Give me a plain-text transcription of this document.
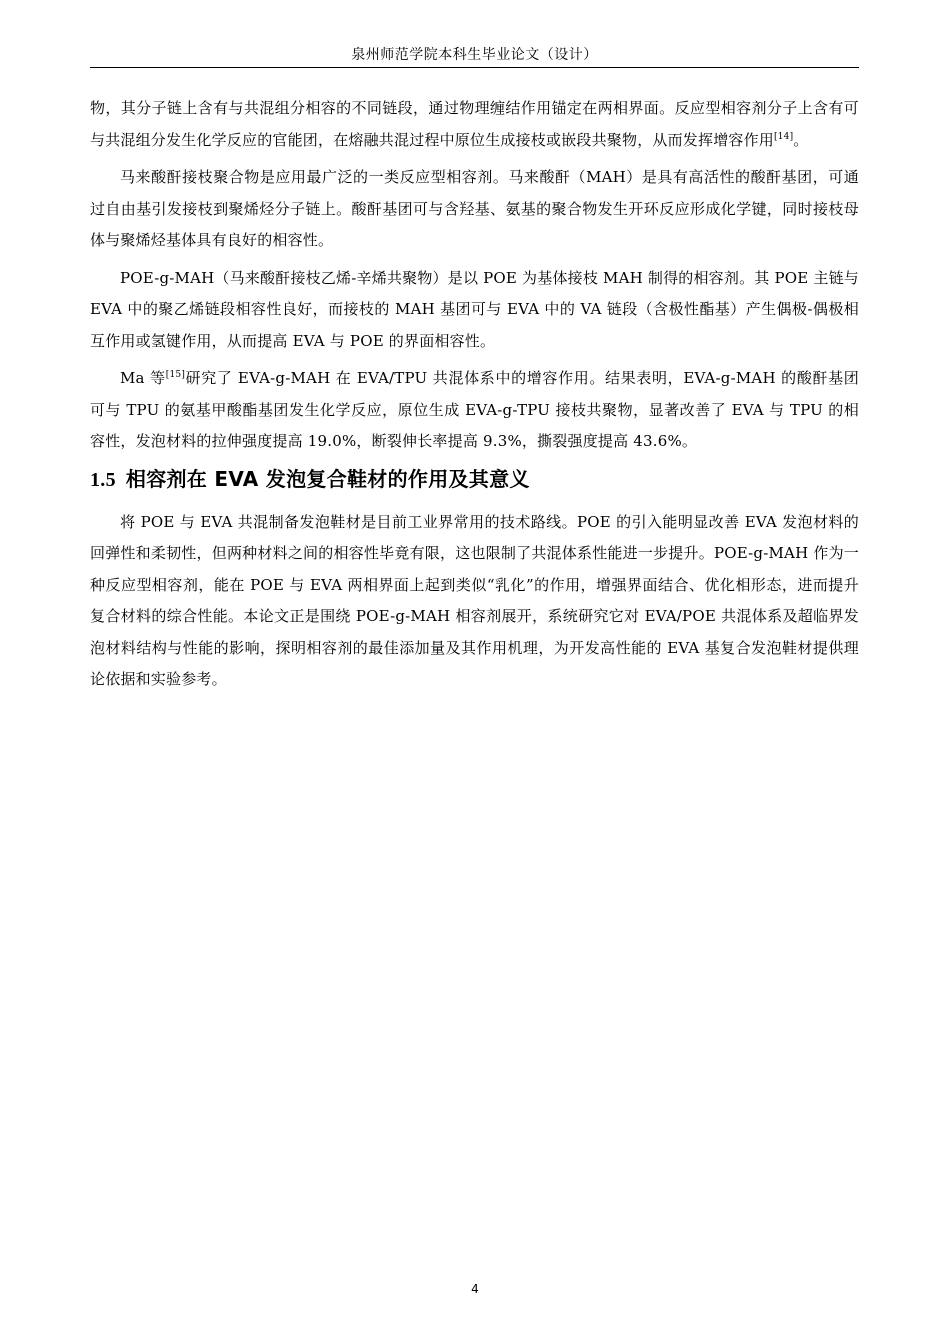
泉州师范学院本科生毕业论文（设计）

物，其分子链上含有与共混组分相容的不同链段，通过物理缠结作用锚定在两相界面。反应型相容剂分子上含有可与共混组分发生化学反应的官能团，在熔融共混过程中原位生成接枝或嵌段共聚物，从而发挥增容作用[14]。

马来酸酐接枝聚合物是应用最广泛的一类反应型相容剂。马来酸酐（MAH）是具有高活性的酸酐基团，可通过自由基引发接枝到聚烯烃分子链上。酸酐基团可与含羟基、氨基的聚合物发生开环反应形成化学键，同时接枝母体与聚烯烃基体具有良好的相容性。

POE-g-MAH（马来酸酐接枝乙烯-辛烯共聚物）是以 POE 为基体接枝 MAH 制得的相容剂。其 POE 主链与 EVA 中的聚乙烯链段相容性良好，而接枝的 MAH 基团可与 EVA 中的 VA 链段（含极性酯基）产生偶极-偶极相互作用或氢键作用，从而提高 EVA 与 POE 的界面相容性。

Ma 等[15]研究了 EVA-g-MAH 在 EVA/TPU 共混体系中的增容作用。结果表明，EVA-g-MAH 的酸酐基团可与 TPU 的氨基甲酸酯基团发生化学反应，原位生成 EVA-g-TPU 接枝共聚物，显著改善了 EVA 与 TPU 的相容性，发泡材料的拉伸强度提高 19.0%，断裂伸长率提高 9.3%，撕裂强度提高 43.6%。

1.5 相容剂在 EVA 发泡复合鞋材的作用及其意义

将 POE 与 EVA 共混制备发泡鞋材是目前工业界常用的技术路线。POE 的引入能明显改善 EVA 发泡材料的回弹性和柔韧性，但两种材料之间的相容性毕竟有限，这也限制了共混体系性能进一步提升。POE-g-MAH 作为一种反应型相容剂，能在 POE 与 EVA 两相界面上起到类似“乳化”的作用，增强界面结合、优化相形态，进而提升复合材料的综合性能。本论文正是围绕 POE-g-MAH 相容剂展开，系统研究它对 EVA/POE 共混体系及超临界发泡材料结构与性能的影响，探明相容剂的最佳添加量及其作用机理，为开发高性能的 EVA 基复合发泡鞋材提供理论依据和实验参考。

4
